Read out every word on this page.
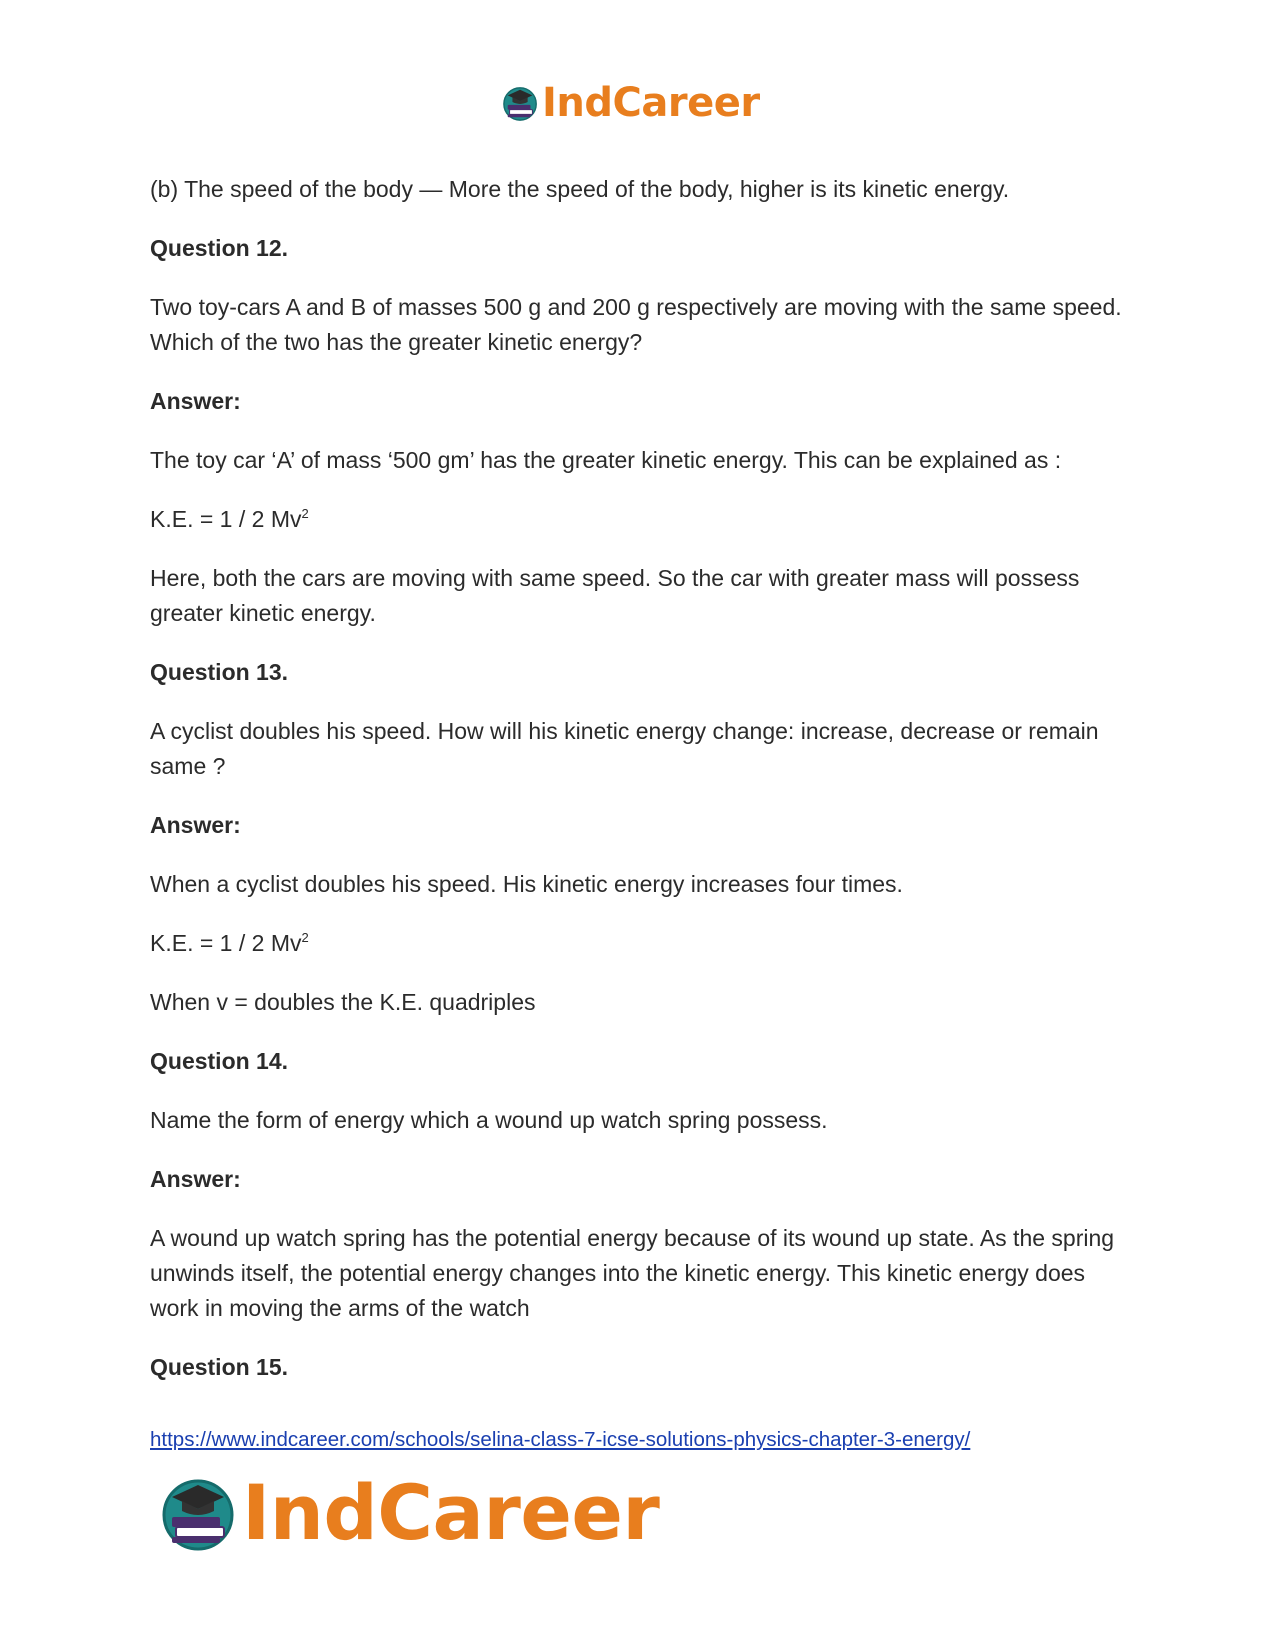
IndCareer

(b) The speed of the body — More the speed of the body, higher is its kinetic energy.

Question 12.

Two toy-cars A and B of masses 500 g and 200 g respectively are moving with the same speed. Which of the two has the greater kinetic energy?

Answer:

The toy car ‘A’ of mass ‘500 gm’ has the greater kinetic energy. This can be explained as :

K.E. = 1 / 2 Mv$^2$

Here, both the cars are moving with same speed. So the car with greater mass will possess greater kinetic energy.

Question 13.

A cyclist doubles his speed. How will his kinetic energy change: increase, decrease or remain same ?

Answer:

When a cyclist doubles his speed. His kinetic energy increases four times.

K.E. = 1 / 2 Mv$^2$

When v = doubles the K.E. quadriples

Question 14.

Name the form of energy which a wound up watch spring possess.

Answer:

A wound up watch spring has the potential energy because of its wound up state. As the spring unwinds itself, the potential energy changes into the kinetic energy. This kinetic energy does work in moving the arms of the watch

Question 15.

https://www.indcareer.com/schools/selina-class-7-icse-solutions-physics-chapter-3-energy/
IndCareer
